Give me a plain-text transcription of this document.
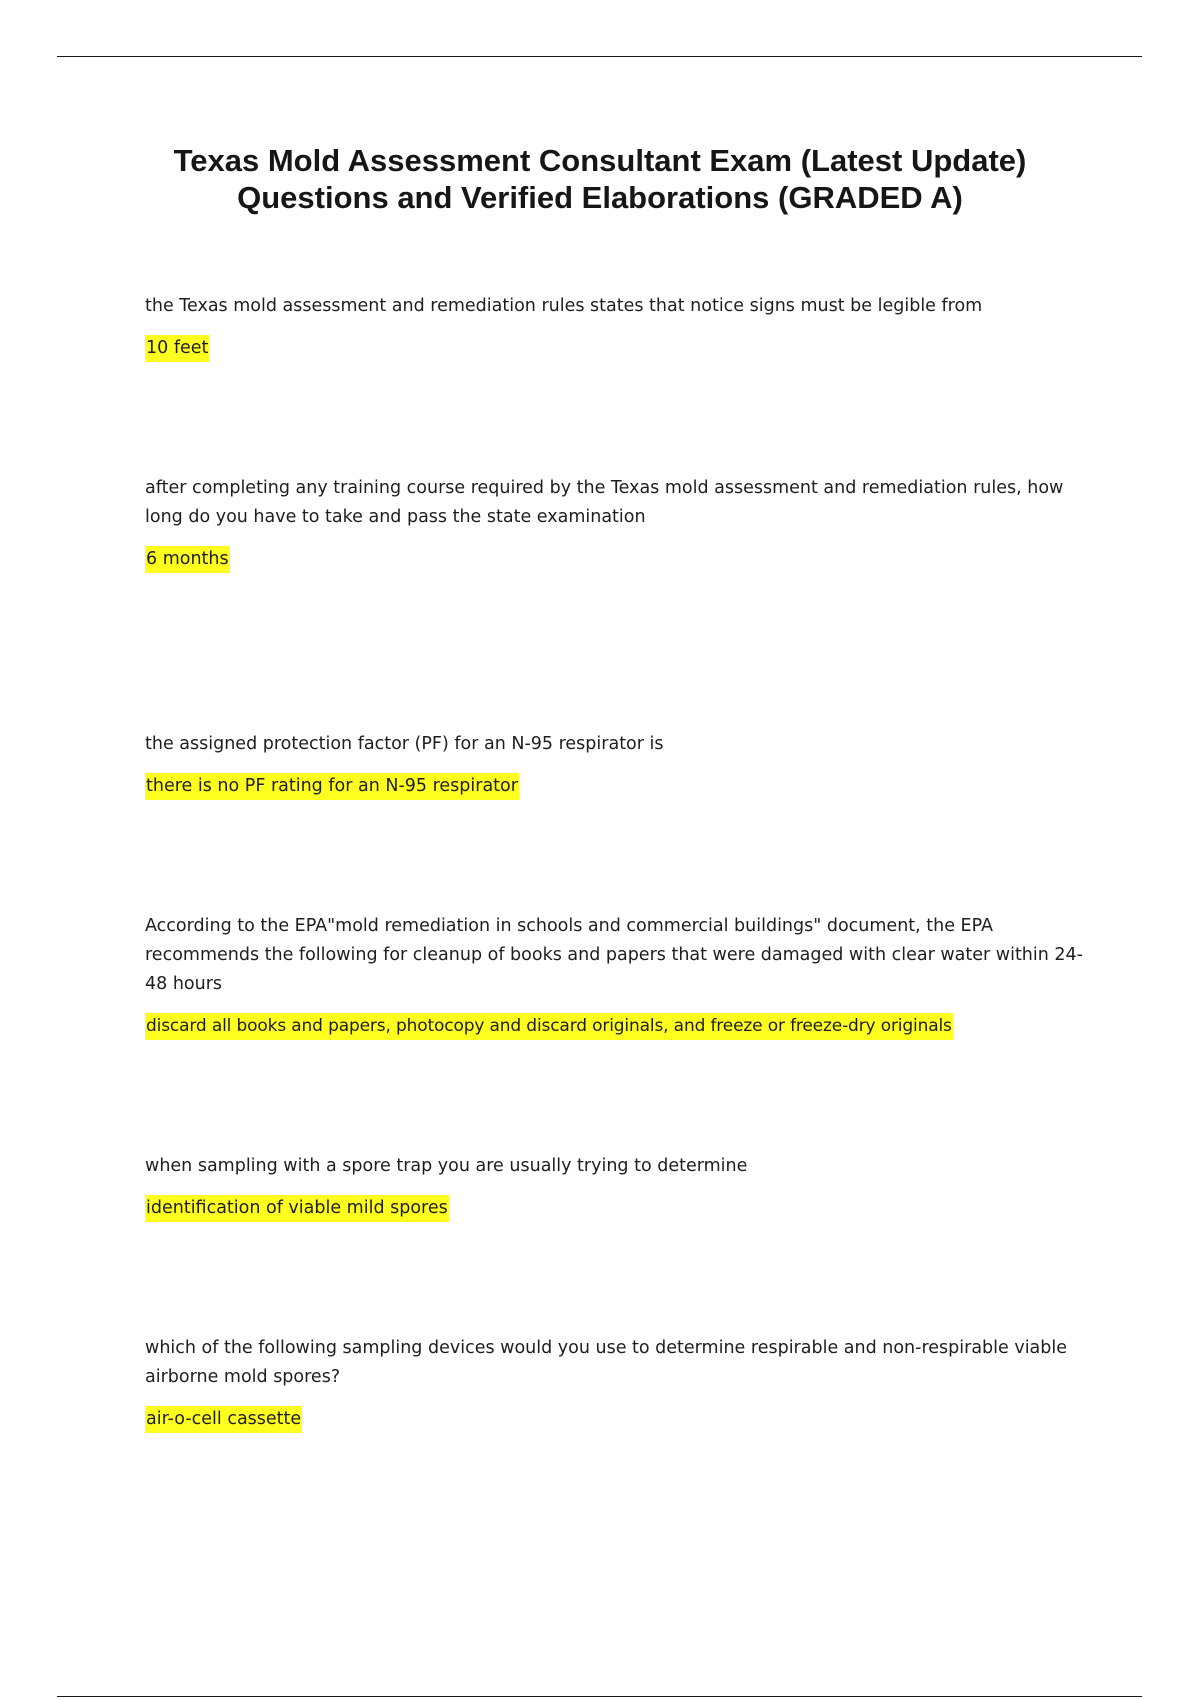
Texas Mold Assessment Consultant Exam (Latest Update)
Questions and Verified Elaborations (GRADED A)

the Texas mold assessment and remediation rules states that notice signs must be legible from

10 feet

after completing any training course required by the Texas mold assessment and remediation rules, how long do you have to take and pass the state examination

6 months

the assigned protection factor (PF) for an N-95 respirator is

there is no PF rating for an N-95 respirator

According to the EPA"mold remediation in schools and commercial buildings" document, the EPA recommends the following for cleanup of books and papers that were damaged with clear water within 24-48 hours

discard all books and papers, photocopy and discard originals, and freeze or freeze-dry originals

when sampling with a spore trap you are usually trying to determine

identification of viable mild spores

which of the following sampling devices would you use to determine respirable and non-respirable viable airborne mold spores?

air-o-cell cassette
